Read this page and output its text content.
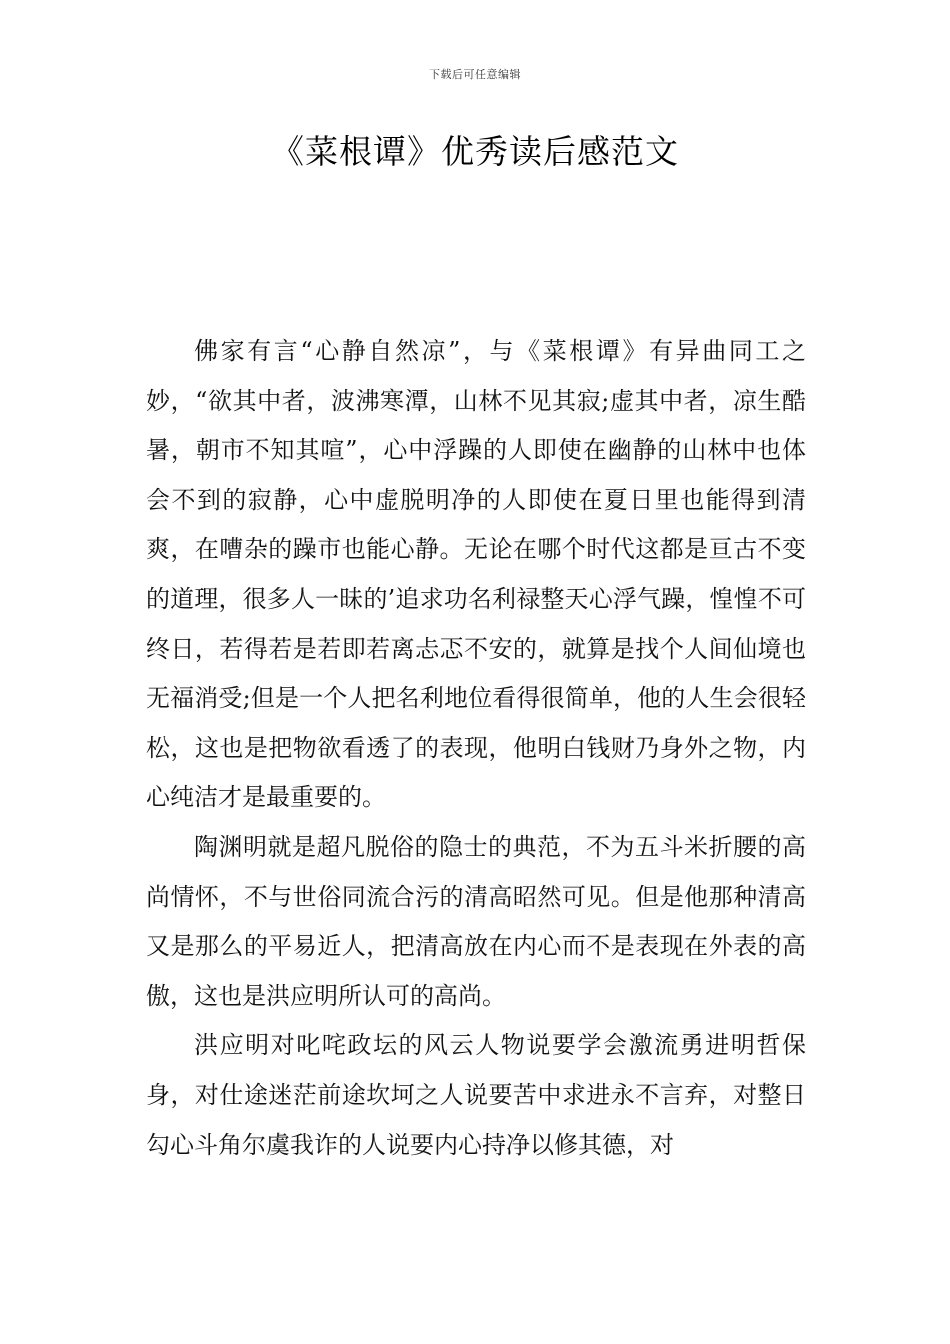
下载后可任意编辑
《菜根谭》优秀读后感范文

佛家有言“心静自然凉”，与《菜根谭》有异曲同工之妙，“欲其中者，波沸寒潭，山林不见其寂;虚其中者，凉生酷暑，朝市不知其喧”，心中浮躁的人即使在幽静的山林中也体会不到的寂静，心中虚脱明净的人即使在夏日里也能得到清爽，在嘈杂的躁市也能心静。无论在哪个时代这都是亘古不变的道理，很多人一昧的’追求功名利禄整天心浮气躁，惶惶不可终日，若得若是若即若离忐忑不安的，就算是找个人间仙境也无福消受;但是一个人把名利地位看得很简单，他的人生会很轻松，这也是把物欲看透了的表现，他明白钱财乃身外之物，内心纯洁才是最重要的。

陶渊明就是超凡脱俗的隐士的典范，不为五斗米折腰的高尚情怀，不与世俗同流合污的清高昭然可见。但是他那种清高又是那么的平易近人，把清高放在内心而不是表现在外表的高傲，这也是洪应明所认可的高尚。

洪应明对叱咤政坛的风云人物说要学会激流勇进明哲保身，对仕途迷茫前途坎坷之人说要苦中求进永不言弃，对整日勾心斗角尔虞我诈的人说要内心持净以修其德，对
